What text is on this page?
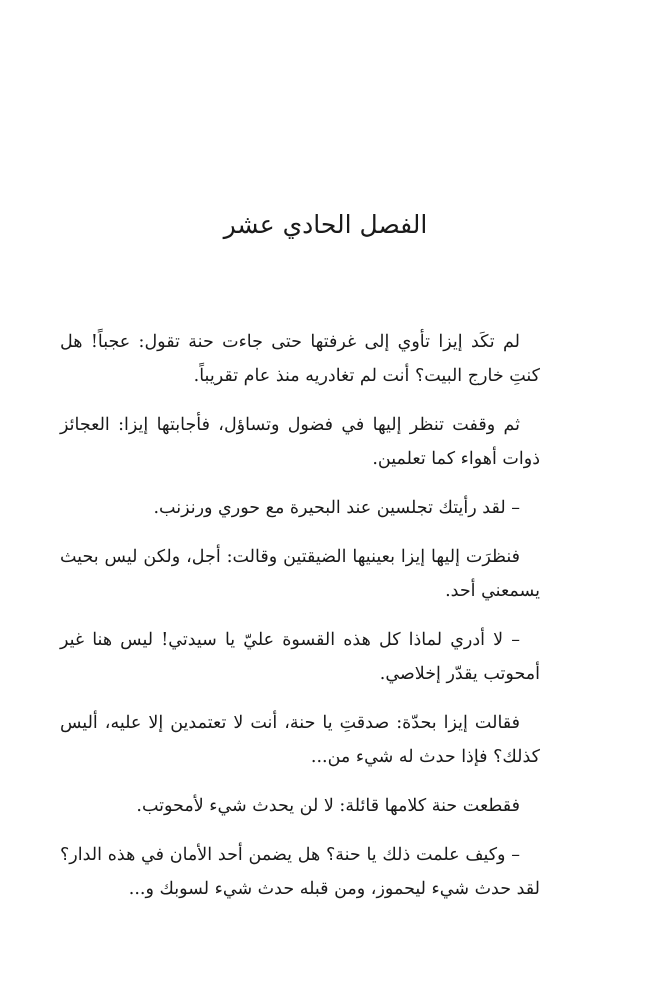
الفصل الحادي عشر

لم تكَد إيزا تأوي إلى غرفتها حتى جاءت حنة تقول: عجباً! هل كنتِ خارج البيت؟ أنت لم تغادريه منذ عام تقريباً.

ثم وقفت تنظر إليها في فضول وتساؤل، فأجابتها إيزا: العجائز ذوات أهواء كما تعلمين.

– لقد رأيتك تجلسين عند البحيرة مع حوري ورنزنب.

فنظرَت إليها إيزا بعينيها الضيقتين وقالت: أجل، ولكن ليس بحيث يسمعني أحد.

– لا أدري لماذا كل هذه القسوة عليّ يا سيدتي! ليس هنا غير أمحوتب يقدّر إخلاصي.

فقالت إيزا بحدّة: صدقتِ يا حنة، أنت لا تعتمدين إلا عليه، أليس كذلك؟ فإذا حدث له شيء من...

فقطعت حنة كلامها قائلة: لا لن يحدث شيء لأمحوتب.

– وكيف علمت ذلك يا حنة؟ هل يضمن أحد الأمان في هذه الدار؟ لقد حدث شيء ليحموز، ومن قبله حدث شيء لسوبك و...
